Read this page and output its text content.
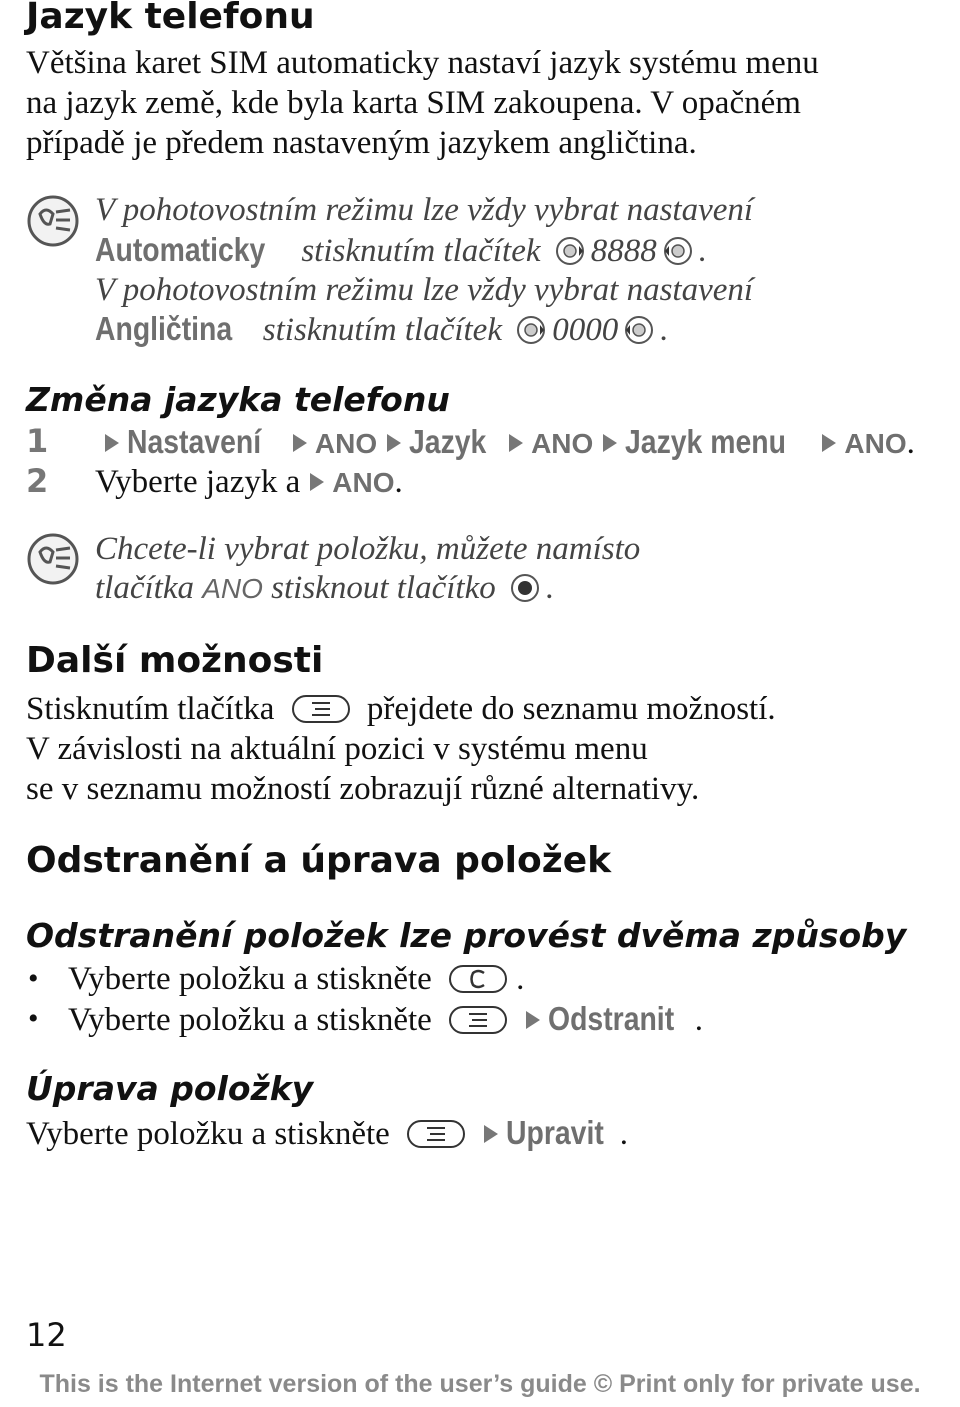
Jazyk telefonu
Většina karet SIM automaticky nastaví jazyk systému menu
na jazyk země, kde byla karta SIM zakoupena. V opačném
případě je předem nastaveným jazykem angličtina.
V pohotovostním režimu lze vždy vybrat nastavení
Automaticky stisknutím tlačítek 8888 .
V pohotovostním režimu lze vždy vybrat nastavení
Angličtina stisknutím tlačítek 0000 .
Změna jazyka telefonu
1	Nastavení ANO Jazyk ANO Jazyk menu ANO.
2 Vyberte jazyk a ANO.
Chcete-li vybrat položku, můžete namísto
tlačítka ANO stisknout tlačítko .
Další možnosti
Stisknutím tlačítka	přejdete do seznamu možností.
V závislosti na aktuální pozici v systému menu
se v seznamu možností zobrazují různé alternativy.
Odstranění a úprava položek
Odstranění položek lze provést dvěma způsoby
• Vyberte položku a stiskněte	.
• Vyberte položku a stiskněte	Odstranit .
Úprava položky
Vyberte položku a stiskněte	Upravit .
12
This is the Internet version of the user’s guide © Print only for private use.
